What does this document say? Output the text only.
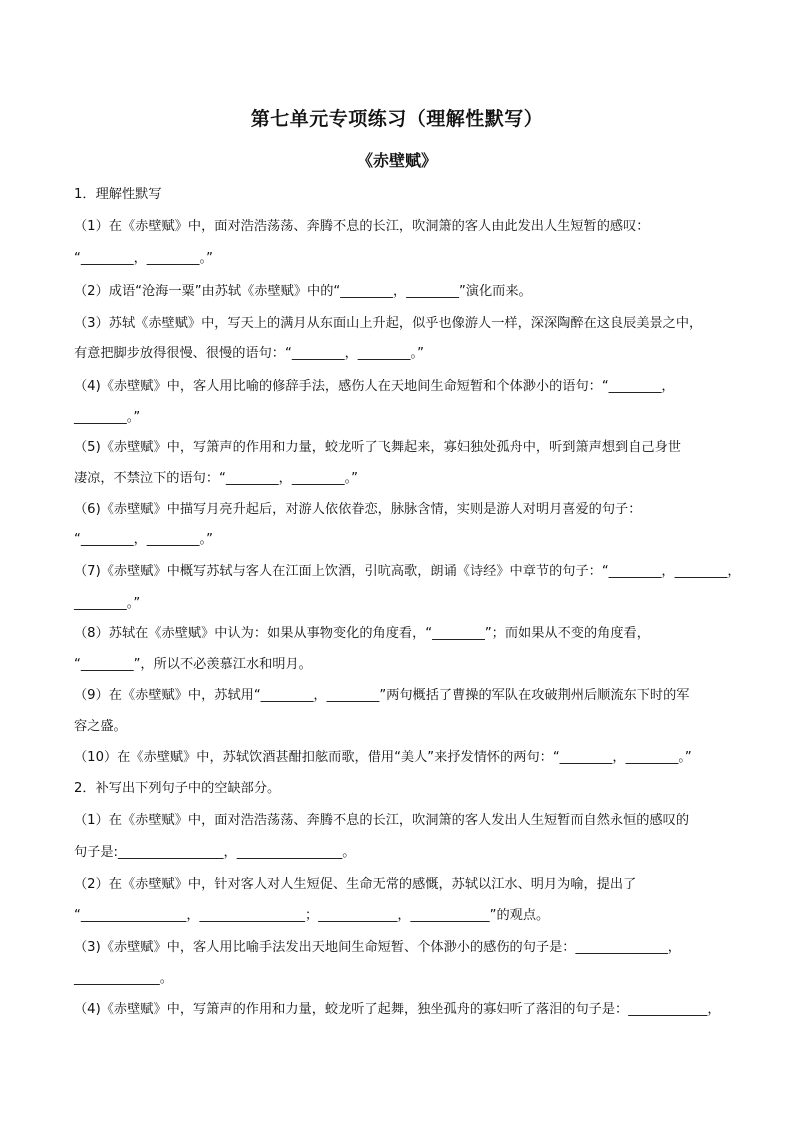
第七单元专项练习（理解性默写）
《赤壁赋》
1．理解性默写
（1）在《赤壁赋》中，面对浩浩荡荡、奔腾不息的长江，吹洞箫的客人由此发出人生短暂的感叹：
“________，________。”
（2）成语“沧海一粟”由苏轼《赤壁赋》中的“________，________”演化而来。
（3）苏轼《赤壁赋》中，写天上的满月从东面山上升起，似乎也像游人一样，深深陶醉在这良辰美景之中，
有意把脚步放得很慢、很慢的语句：“________，________。”
（4)《赤壁赋》中，客人用比喻的修辞手法，感伤人在天地间生命短暂和个体渺小的语句：“________，
________。”
（5)《赤壁赋》中，写箫声的作用和力量，蛟龙听了飞舞起来，寡妇独处孤舟中，听到箫声想到自己身世
凄凉，不禁泣下的语句：“________，________。”
（6)《赤壁赋》中描写月亮升起后，对游人依依眷恋，脉脉含情，实则是游人对明月喜爱的句子：
“________，________。”
（7)《赤壁赋》中概写苏轼与客人在江面上饮酒，引吭高歌，朗诵《诗经》中章节的句子：“________，________，
________。”
（8）苏轼在《赤壁赋》中认为：如果从事物变化的角度看，“________”；而如果从不变的角度看，
“________”，所以不必羡慕江水和明月。
（9）在《赤壁赋》中，苏轼用“________，________”两句概括了曹操的军队在攻破荆州后顺流东下时的军
容之盛。
（10）在《赤壁赋》中，苏轼饮酒甚酣扣舷而歌，借用“美人”来抒发情怀的两句：“________，________。”
2．补写出下列句子中的空缺部分。
（1）在《赤壁赋》中，面对浩浩荡荡、奔腾不息的长江，吹洞箫的客人发出人生短暂而自然永恒的感叹的
句子是:________________，________________。
（2）在《赤壁赋》中，针对客人对人生短促、生命无常的感慨，苏轼以江水、明月为喻，提出了
“________________，________________；____________，____________”的观点。
（3)《赤壁赋》中，客人用比喻手法发出天地间生命短暂、个体渺小的感伤的句子是：______________，
_____________。
（4)《赤壁赋》中，写箫声的作用和力量，蛟龙听了起舞，独坐孤舟的寡妇听了落泪的句子是：____________，
